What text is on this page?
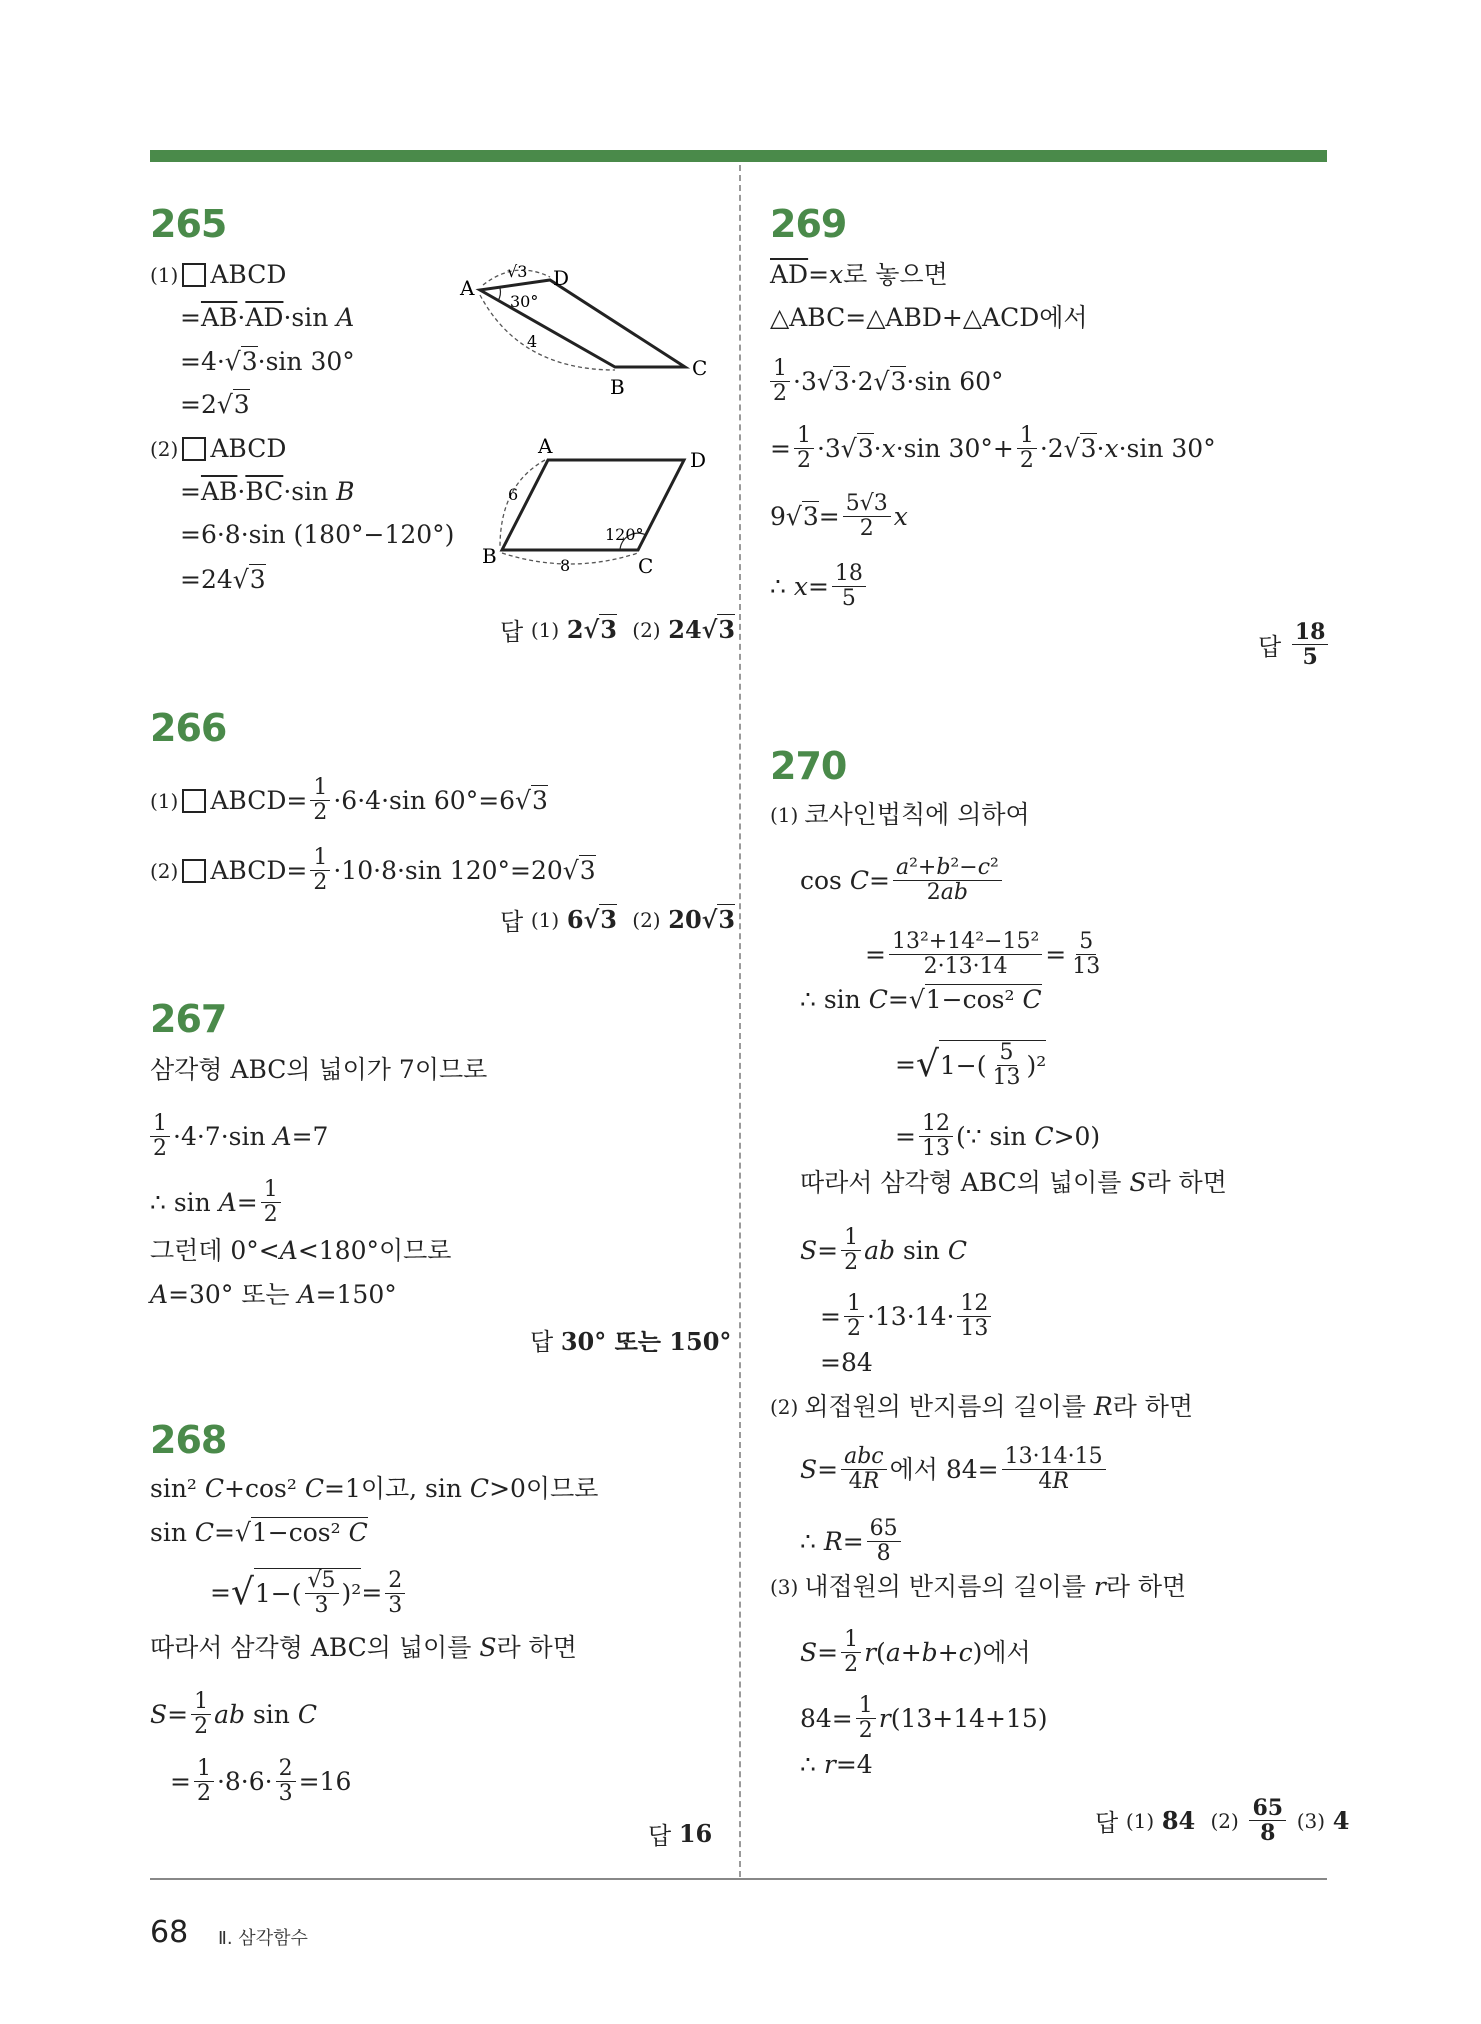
265
(1) ABCD
= $\overline{AB} \cdot \overline{AD} \cdot\sin$ A
=4·√ 3 ·sin 30°
=2√ 3
(2) ABCD
= $\overline{AB} \cdot \overline{BC} \cdot\sin$ B
=6·8·sin (180°−120°)
=24√ 3
A	D
B
C
√3
30°
4
A
D
B	C
6
120°
8
답 (1)
2√3
(2)
24√3
266
(1) ABCD= $\frac{1}{2} \cdot 6\cdot 4\cdot\sin$ 60°=6√ 3
(2) ABCD= $\frac{1}{2} \cdot 10\cdot 8\cdot\sin$ 120°=20√ 3
답 (1)
6√3
(2)
20√3
267
삼각형 ABC의 넓이가 7이므로
$\frac{1}{2} \cdot 4\cdot 7\cdot\sin$ A =7
∴ $\sin A = \frac{1}{2}$
그런데 0°< A <180°이므로
A =30° 또는 A =150°
답 30° 또는 150°
268
sin² C +cos² C =1이고, sin C >0이므로
sin C =√ 1−cos² C
= √ $1-( \frac{√5}{3} )^2 = \frac{2}{3}$
따라서 삼각형 ABC의 넓이를 S 라 하면
$S = \frac{1}{2}$ ab sin C
= $\frac{1}{2} \cdot 8\cdot 6\cdot \frac{2}{3} =16$
답 16
269
$\overline{AD} = x$ 로 놓으면
△ABC=△ABD+△ACD에서
$\frac{1}{2} \cdot 3√$ 3 ·2√ 3 ·sin 60°
= $\frac{1}{2} \cdot 3√$ 3 · x ·sin $30^\circ+ \frac{1}{2} \cdot 2√$ 3 · x ·sin 30°
9√ $3 = \frac{5√3}{2}$ x
∴ $x = \frac{18}{5}$
답 $\frac{18}{5}$
270
(1) 코사인법칙에 의하여
$\cos C = \frac{\text{a²+b²−c²}}{2ab}$
= $\frac{\text{13²+14²−15²}}{2\cdot 13\cdot 14} = \frac{5}{13}$
∴ sin C =√ 1−cos² C
= √ $1-( \frac{5}{13} )^2$
= $\frac{12}{13}$ (∵ sin C >0)
따라서 삼각형 ABC의 넓이를 S 라 하면
$S = \frac{1}{2}$ ab sin C
= $\frac{1}{2} \cdot 13\cdot 14\cdot \frac{12}{13}$
=84
(2) 외접원의 반지름의 길이를 R 라 하면
$S = \frac{\text{abc}}{4R}$ 에서 $84= \frac{13\cdot 14\cdot 15}{4R}$
∴ $R = \frac{65}{8}$
(3) 내접원의 반지름의 길이를 r 라 하면
$S = \frac{1}{2}$ r ( a + b + c )에서
$84= \frac{1}{2}$ r (13+14+15)
∴ r =4
답 (1)
84
(2)
$\frac{65}{8}$
(3)
4
68 Ⅱ. 삼각함수
